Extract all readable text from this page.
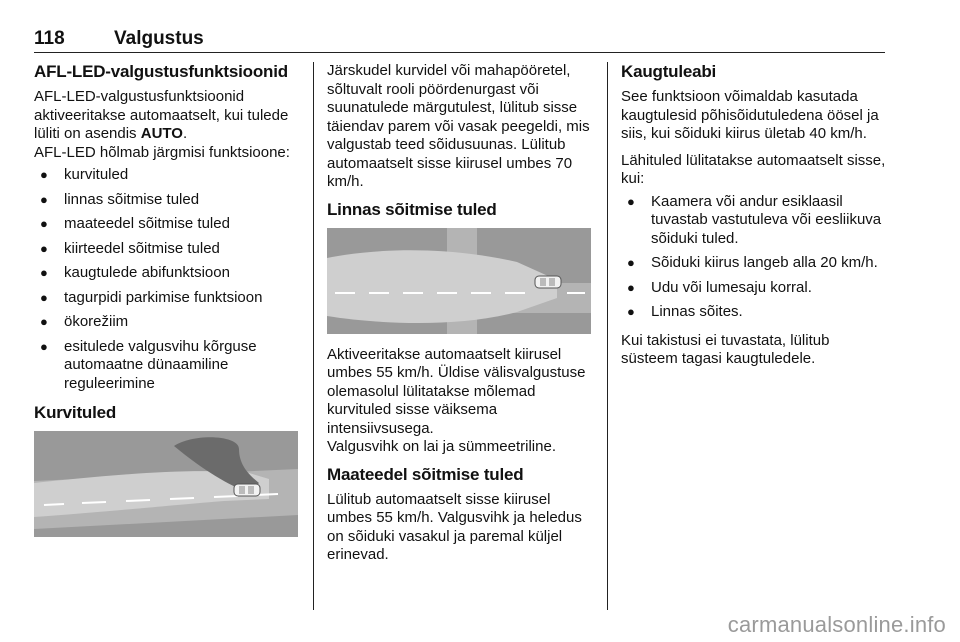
118	Valgustus
AFL-LED-valgustusfunktsioonid

AFL-LED-valgustusfunktsioonid aktiveeritakse automaatselt, kui tulede lüliti on asendis AUTO.

AFL-LED hõlmab järgmisi funktsioone:

● kurvituled
● linnas sõitmise tuled
● maateedel sõitmise tuled
● kiirteedel sõitmise tuled
● kaugtulede abifunktsioon
● tagurpidi parkimise funktsioon
● ökorežiim
● esitulede valgusvihu kõrguse automaatne dünaamiline reguleerimine
Kurvituled

Järskudel kurvidel või mahapööretel, sõltuvalt rooli pöördenurgast või suunatulede märgutulest, lülitub sisse täiendav parem või vasak peegeldi, mis valgustab teed sõidusuunas. Lülitub automaatselt sisse kiirusel umbes 70 km/h.

Linnas sõitmise tuled

Aktiveeritakse automaatselt kiirusel umbes 55 km/h. Üldise välisvalgustuse olemasolul lülitatakse mõlemad kurvituled sisse väiksema intensiivsusega.

Valgusvihk on lai ja sümmeetriline.

Maateedel sõitmise tuled

Lülitub automaatselt sisse kiirusel umbes 55 km/h. Valgusvihk ja heledus on sõiduki vasakul ja paremal küljel erinevad.

Kaugtuleabi

See funktsioon võimaldab kasutada kaugtulesid põhisõidutuledena öösel ja siis, kui sõiduki kiirus ületab 40 km/h.

Lähituled lülitatakse automaatselt sisse, kui:

● Kaamera või andur esiklaasil tuvastab vastutuleva või eesliikuva sõiduki tuled.
● Sõiduki kiirus langeb alla 20 km/h.
● Udu või lumesaju korral.
● Linnas sõites.

Kui takistusi ei tuvastata, lülitub süsteem tagasi kaugtuledele.

carmanualsonline.info
